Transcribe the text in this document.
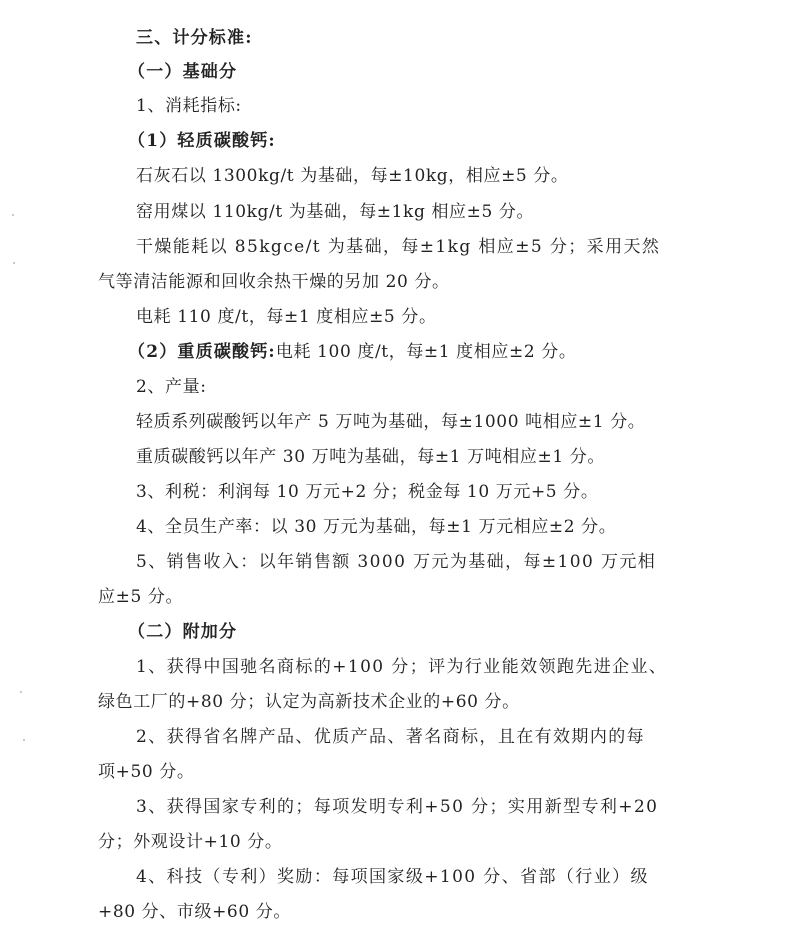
三、计分标准:
（一）基础分
1、消耗指标:
（1）轻质碳酸钙:
石灰石以 1300kg/t 为基础，每±10kg，相应±5 分。
窑用煤以 110kg/t 为基础，每±1kg 相应±5 分。
干燥能耗以 85kgce/t 为基础，每±1kg 相应±5 分；采用天然
气等清洁能源和回收余热干燥的另加 20 分。
电耗 110 度/t，每±1 度相应±5 分。
（2）重质碳酸钙:电耗 100 度/t，每±1 度相应±2 分。
2、产量:
轻质系列碳酸钙以年产 5 万吨为基础，每±1000 吨相应±1 分。
重质碳酸钙以年产 30 万吨为基础，每±1 万吨相应±1 分。
3、利税：利润每 10 万元+2 分；税金每 10 万元+5 分。
4、全员生产率：以 30 万元为基础，每±1 万元相应±2 分。
5、销售收入：以年销售额 3000 万元为基础，每±100 万元相
应±5 分。
（二）附加分
1、获得中国驰名商标的+100 分；评为行业能效领跑先进企业、
绿色工厂的+80 分；认定为高新技术企业的+60 分。
2、获得省名牌产品、优质产品、著名商标，且在有效期内的每
项+50 分。
3、获得国家专利的；每项发明专利+50 分；实用新型专利+20
分；外观设计+10 分。
4、科技（专利）奖励：每项国家级+100 分、省部（行业）级
+80 分、市级+60 分。
